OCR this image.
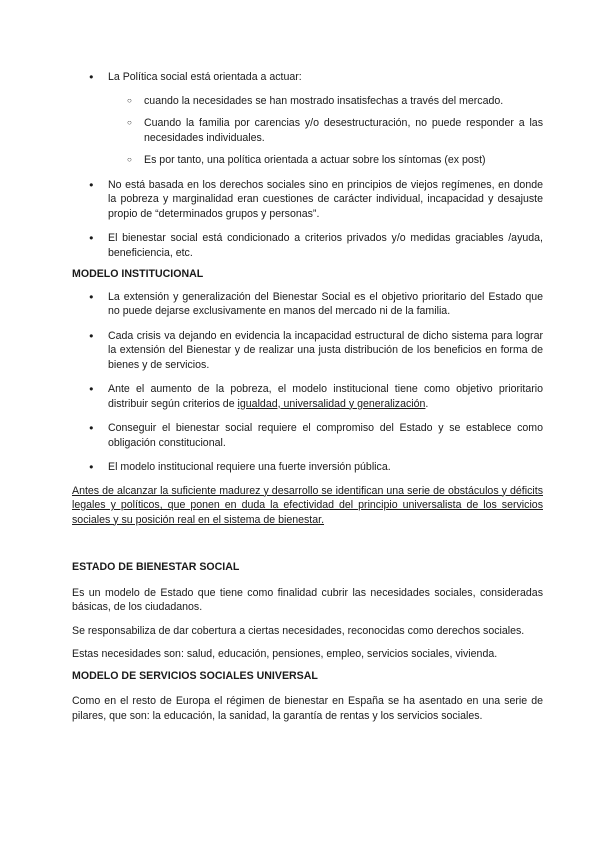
● La Política social está orientada a actuar:
○ cuando la necesidades se han mostrado insatisfechas a través del mercado.
○ Cuando la familia por carencias y/o desestructuración, no puede responder a las necesidades individuales.
○ Es por tanto, una política orientada a actuar sobre los síntomas (ex post)
● No está basada en los derechos sociales sino en principios de viejos regímenes, en donde la pobreza y marginalidad eran cuestiones de carácter individual, incapacidad y desajuste propio de “determinados grupos y personas”.
● El bienestar social está condicionado a criterios privados y/o medidas graciables /ayuda, beneficiencia, etc.
MODELO INSTITUCIONAL
● La extensión y generalización del Bienestar Social es el objetivo prioritario del Estado que no puede dejarse exclusivamente en manos del mercado ni de la familia.
● Cada crisis va dejando en evidencia la incapacidad estructural de dicho sistema para lograr la extensión del Bienestar y de realizar una justa distribución de los beneficios en forma de bienes y de servicios.
● Ante el aumento de la pobreza, el modelo institucional tiene como objetivo prioritario distribuir según criterios de igualdad, universalidad y generalización.
● Conseguir el bienestar social requiere el compromiso del Estado y se establece como obligación constitucional.
● El modelo institucional requiere una fuerte inversión pública.

Antes de alcanzar la suficiente madurez y desarrollo se identifican una serie de obstáculos y déficits legales y políticos, que ponen en duda la efectividad del principio universalista de los servicios sociales y su posición real en el sistema de bienestar.

ESTADO DE BIENESTAR SOCIAL

Es un modelo de Estado que tiene como finalidad cubrir las necesidades sociales, consideradas básicas, de los ciudadanos.

Se responsabiliza de dar cobertura a ciertas necesidades, reconocidas como derechos sociales.

Estas necesidades son: salud, educación, pensiones, empleo, servicios sociales, vivienda.

MODELO DE SERVICIOS SOCIALES UNIVERSAL

Como en el resto de Europa el régimen de bienestar en España se ha asentado en una serie de pilares, que son: la educación, la sanidad, la garantía de rentas y los servicios sociales.
